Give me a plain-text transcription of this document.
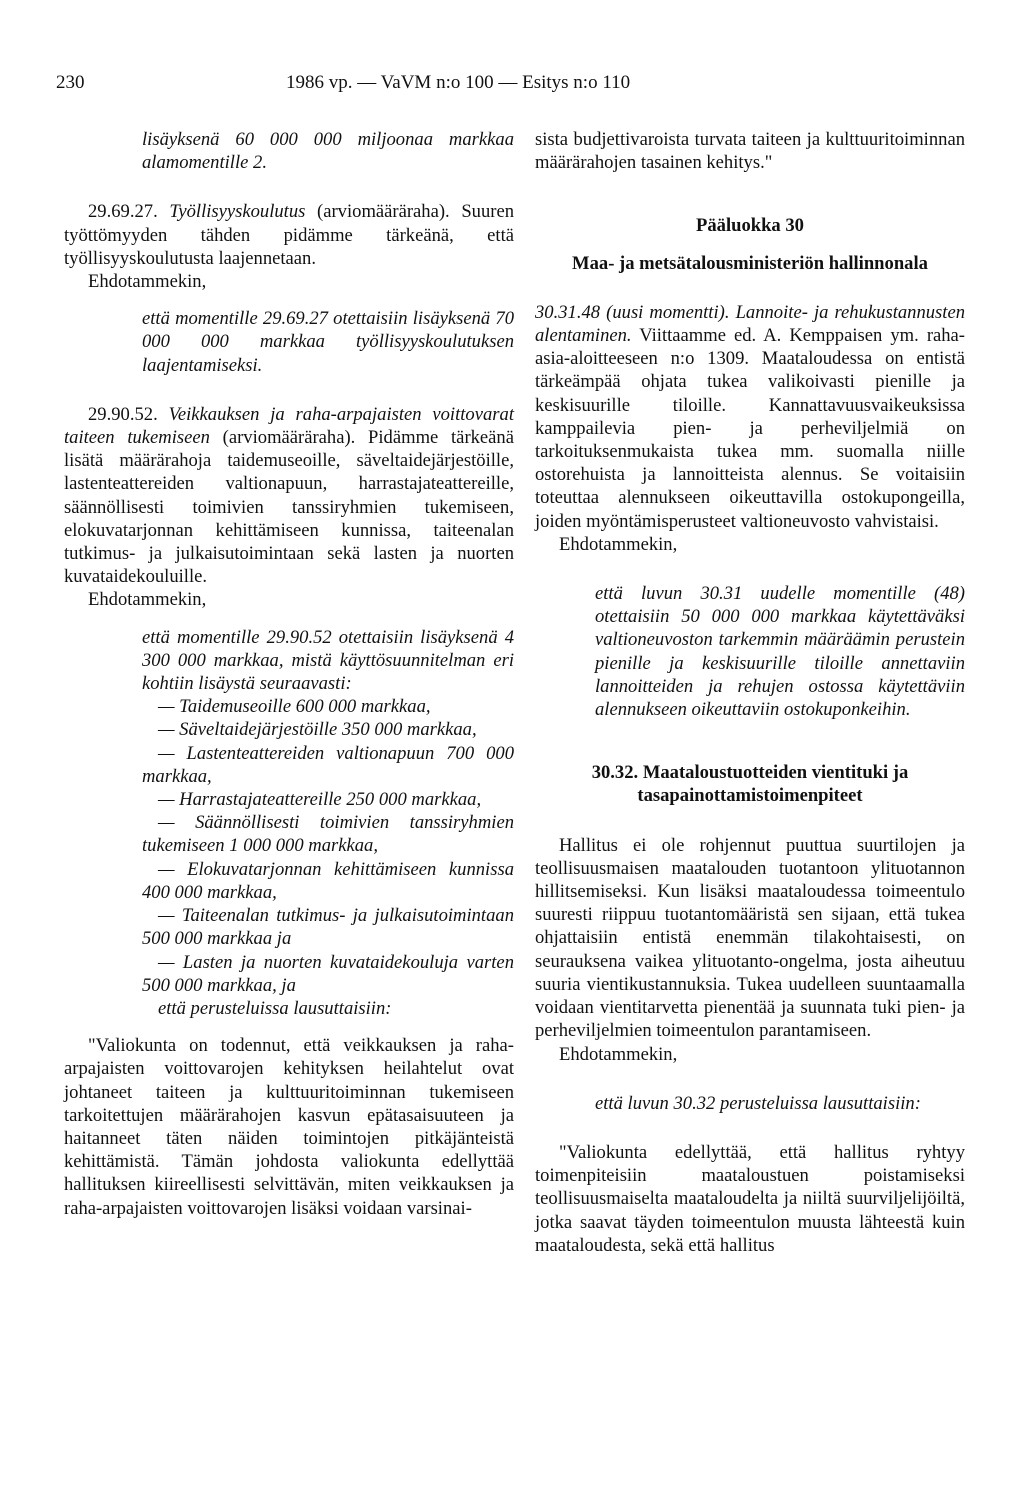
230	1986 vp. — VaVM n:o 100 — Esitys n:o 110

lisäyksenä 60 000 000 miljoonaa markkaa alamomentille 2.

29.69.27. Työllisyyskoulutus (arviomääräraha). Suuren työttömyyden tähden pidämme tärkeänä, että työllisyyskoulutusta laajennetaan.

Ehdotammekin,

että momentille 29.69.27 otettaisiin lisäyksenä 70 000 000 markkaa työllisyyskoulutuksen laajentamiseksi.

29.90.52. Veikkauksen ja raha-arpajaisten voittovarat taiteen tukemiseen (arviomääräraha). Pidämme tärkeänä lisätä määrärahoja taidemuseoille, säveltaidejärjestöille, lastenteattereiden valtionapuun, harrastajateattereille, säännöllisesti toimivien tanssiryhmien tukemiseen, elokuvatarjonnan kehittämiseen kunnissa, taiteenalan tutkimus- ja julkaisutoimintaan sekä lasten ja nuorten kuvataidekouluille.

Ehdotammekin,

että momentille 29.90.52 otettaisiin lisäyksenä 4 300 000 markkaa, mistä käyttösuunnitelman eri kohtiin lisäystä seuraavasti:

— Taidemuseoille 600 000 markkaa,

— Säveltaidejärjestöille 350 000 markkaa,

— Lastenteattereiden valtionapuun 700 000 markkaa,

— Harrastajateattereille 250 000 markkaa,

— Säännöllisesti toimivien tanssiryhmien tukemiseen 1 000 000 markkaa,

— Elokuvatarjonnan kehittämiseen kunnissa 400 000 markkaa,

— Taiteenalan tutkimus- ja julkaisutoimintaan 500 000 markkaa ja

— Lasten ja nuorten kuvataidekouluja varten 500 000 markkaa, ja

että perusteluissa lausuttaisiin:

"Valiokunta on todennut, että veikkauksen ja raha-arpajaisten voittovarojen kehityksen heilahtelut ovat johtaneet taiteen ja kulttuuritoiminnan tukemiseen tarkoitettujen määrärahojen kasvun epätasaisuuteen ja haitanneet täten näiden toimintojen pitkäjänteistä kehittämistä. Tämän johdosta valiokunta edellyttää hallituksen kiireellisesti selvittävän, miten veikkauksen ja raha-arpajaisten voittovarojen lisäksi voidaan varsinai-

sista budjettivaroista turvata taiteen ja kulttuuritoiminnan määrärahojen tasainen kehitys."

Pääluokka 30

Maa- ja metsätalousministeriön hallinnonala

30.31.48 (uusi momentti). Lannoite- ja rehukustannusten alentaminen. Viittaamme ed. A. Kemppaisen ym. raha-asia-aloitteeseen n:o 1309. Maataloudessa on entistä tärkeämpää ohjata tukea valikoivasti pienille ja keskisuurille tiloille. Kannattavuusvaikeuksissa kamppailevia pien- ja perheviljelmiä on tarkoituksenmukaista tukea mm. suomalla niille ostorehuista ja lannoitteista alennus. Se voitaisiin toteuttaa alennukseen oikeuttavilla ostokupongeilla, joiden myöntämisperusteet valtioneuvosto vahvistaisi.

Ehdotammekin,

että luvun 30.31 uudelle momentille (48) otettaisiin 50 000 000 markkaa käytettäväksi valtioneuvoston tarkemmin määräämin perustein pienille ja keskisuurille tiloille annettaviin lannoitteiden ja rehujen ostossa käytettäviin alennukseen oikeuttaviin ostokuponkeihin.

30.32. Maataloustuotteiden vientituki ja tasapainottamistoimenpiteet

Hallitus ei ole rohjennut puuttua suurtilojen ja teollisuusmaisen maatalouden tuotantoon ylituotannon hillitsemiseksi. Kun lisäksi maataloudessa toimeentulo suuresti riippuu tuotantomääristä sen sijaan, että tukea ohjattaisiin entistä enemmän tilakohtaisesti, on seurauksena vaikea ylituotanto-ongelma, josta aiheutuu suuria vientikustannuksia. Tukea uudelleen suuntaamalla voidaan vientitarvetta pienentää ja suunnata tuki pien- ja perheviljelmien toimeentulon parantamiseen.

Ehdotammekin,

että luvun 30.32 perusteluissa lausuttaisiin:

"Valiokunta edellyttää, että hallitus ryhtyy toimenpiteisiin maataloustuen poistamiseksi teollisuusmaiselta maataloudelta ja niiltä suurviljelijöiltä, jotka saavat täyden toimeentulon muusta lähteestä kuin maataloudesta, sekä että hallitus
